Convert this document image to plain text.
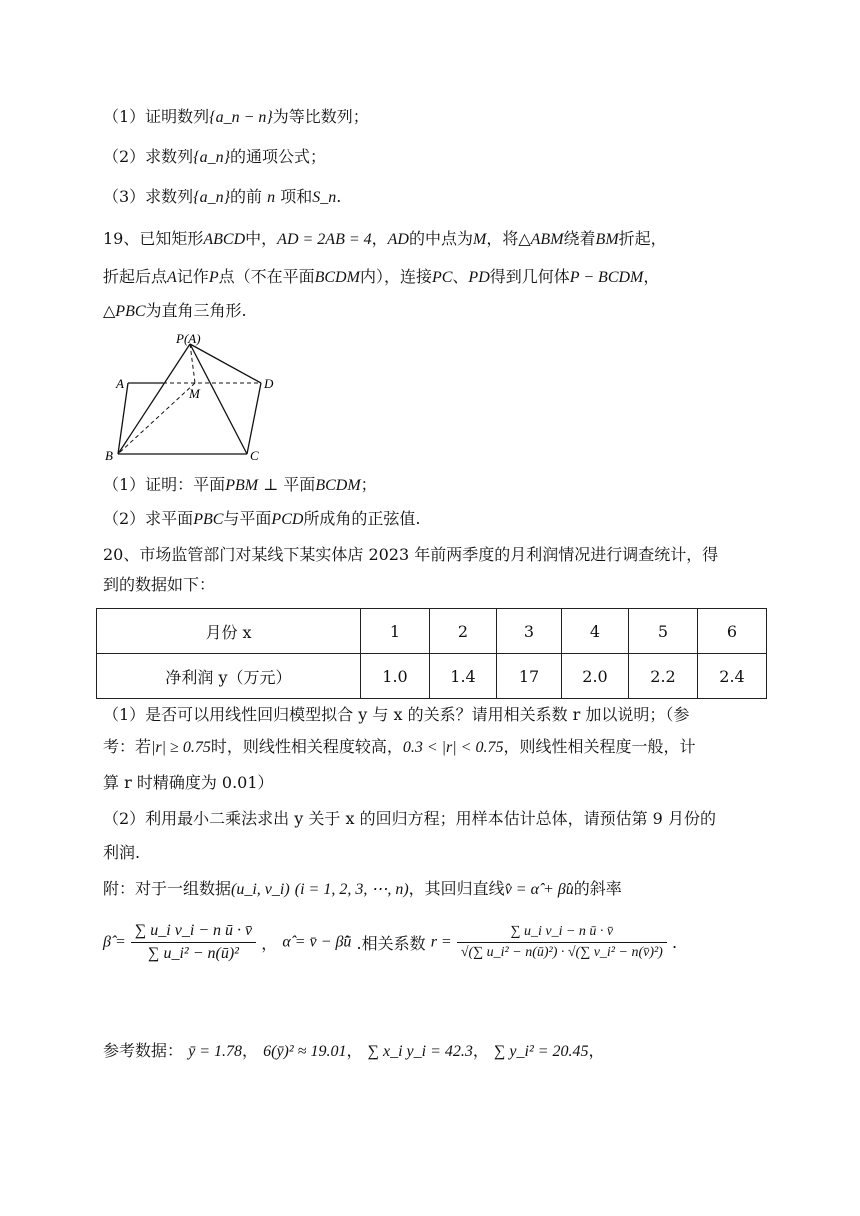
（1）证明数列{a_n − n}为等比数列；
（2）求数列{a_n}的通项公式；
（3）求数列{a_n}的前 n 项和S_n.
19、已知矩形ABCD中，AD = 2AB = 4，AD的中点为M，将△ABM绕着BM折起，
折起后点A记作P点（不在平面BCDM内），连接PC、PD得到几何体P − BCDM，
△PBC为直角三角形.
P(A)
A	D
M
B	C
（1）证明：平面PBM ⊥ 平面BCDM；
（2）求平面PBC与平面PCD所成角的正弦值.
20、市场监管部门对某线下某实体店 2023 年前两季度的月利润情况进行调查统计，得
到的数据如下：
月份 x	1	2	3	4	5	6
净利润 y（万元）	1.0	1.4	17	2.0	2.2	2.4
（1）是否可以用线性回归模型拟合 y 与 x 的关系？请用相关系数 r 加以说明；（参
考：若|r| ≥ 0.75时，则线性相关程度较高，0.3 < |r| < 0.75，则线性相关程度一般，计
算 r 时精确度为 0.01）
（2）利用最小二乘法求出 y 关于 x 的回归方程；用样本估计总体，请预估第 9 月份的
利润.
附：对于一组数据(u_i, v_i) (i = 1, 2, 3, ⋯, n)，其回归直线v̂ = α̂ + β̂u的斜率
β̂ = $\frac{\text{∑ u\_i v\_i − n ū · v̄}}{\text{∑ u\_i² − n(ū)²}}$ ， α̂ = v̄ − β̂ū .相关系数 $r = \frac{\text{∑ u\_i v\_i − n ū · v̄}}{\text{√(∑ u\_i² − n(ū)²) · √(∑ v\_i² − n(v̄)²)}}$ .
参考数据： ȳ = 1.78， 6(ȳ)² ≈ 19.01， ∑ x_i y_i = 42.3， ∑ y_i² = 20.45，
